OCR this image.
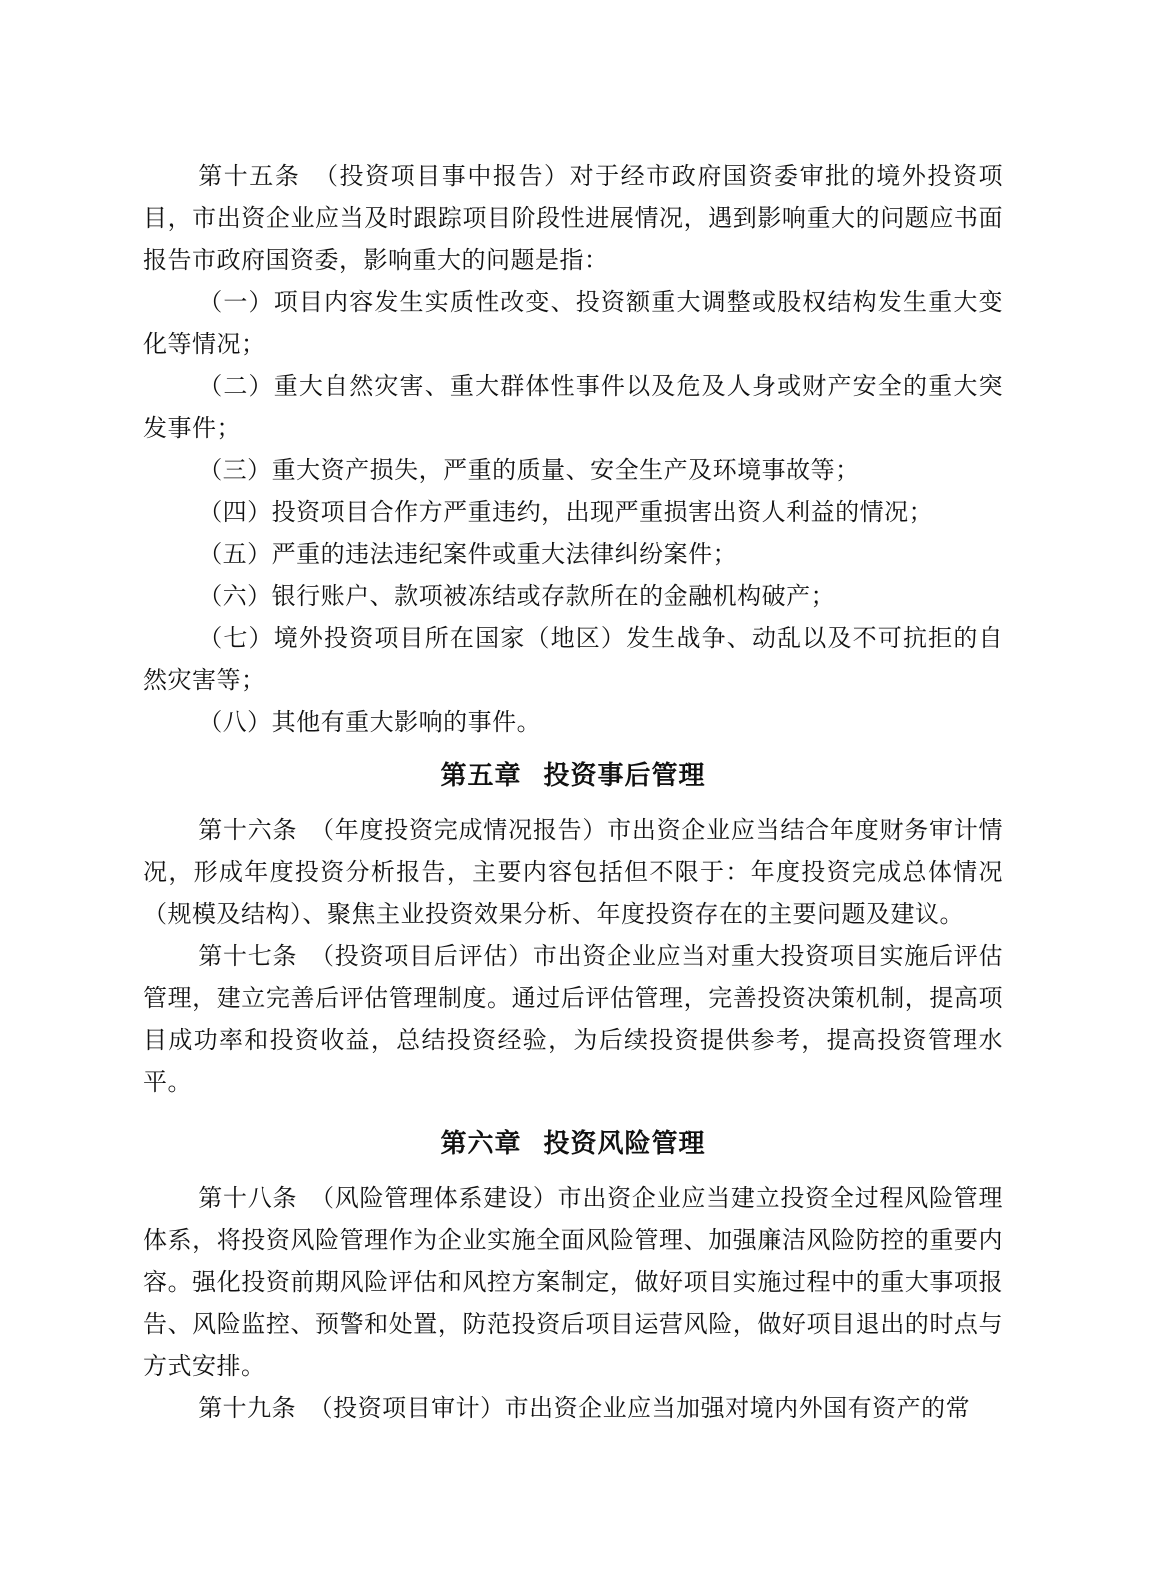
第十五条　（投资项目事中报告）对于经市政府国资委审批的境外投资项目，市出资企业应当及时跟踪项目阶段性进展情况，遇到影响重大的问题应书面报告市政府国资委，影响重大的问题是指：

（一）项目内容发生实质性改变、投资额重大调整或股权结构发生重大变化等情况；

（二）重大自然灾害、重大群体性事件以及危及人身或财产安全的重大突发事件；

（三）重大资产损失，严重的质量、安全生产及环境事故等；

（四）投资项目合作方严重违约，出现严重损害出资人利益的情况；

（五）严重的违法违纪案件或重大法律纠纷案件；

（六）银行账户、款项被冻结或存款所在的金融机构破产；

（七）境外投资项目所在国家（地区）发生战争、动乱以及不可抗拒的自然灾害等；

（八）其他有重大影响的事件。

第五章 投资事后管理

第十六条　（年度投资完成情况报告）市出资企业应当结合年度财务审计情况，形成年度投资分析报告，主要内容包括但不限于：年度投资完成总体情况（规模及结构）、聚焦主业投资效果分析、年度投资存在的主要问题及建议。

第十七条　（投资项目后评估）市出资企业应当对重大投资项目实施后评估管理，建立完善后评估管理制度。通过后评估管理，完善投资决策机制，提高项目成功率和投资收益，总结投资经验，为后续投资提供参考，提高投资管理水平。

第六章 投资风险管理

第十八条　（风险管理体系建设）市出资企业应当建立投资全过程风险管理体系，将投资风险管理作为企业实施全面风险管理、加强廉洁风险防控的重要内容。强化投资前期风险评估和风控方案制定，做好项目实施过程中的重大事项报告、风险监控、预警和处置，防范投资后项目运营风险，做好项目退出的时点与方式安排。

第十九条　（投资项目审计）市出资企业应当加强对境内外国有资产的常
